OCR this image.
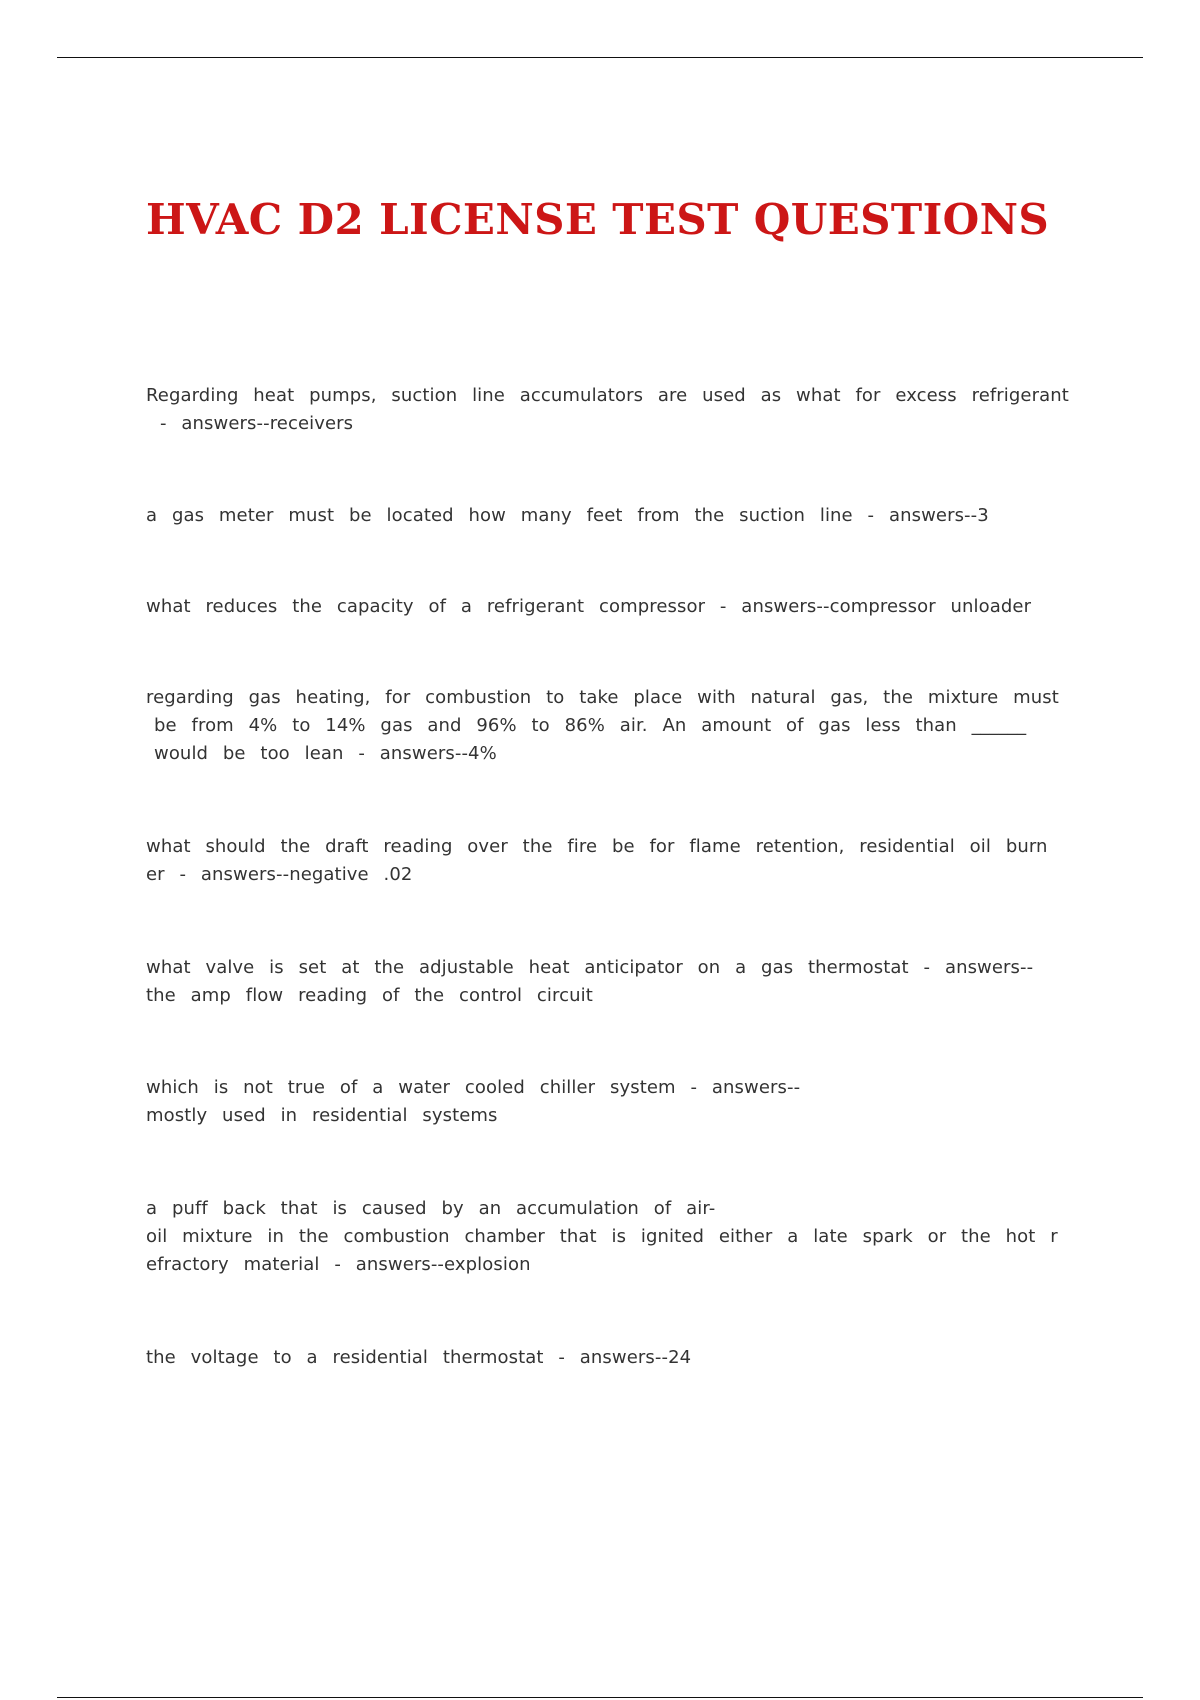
HVAC D2 LICENSE TEST QUESTIONS
Regarding heat pumps, suction line accumulators are used as what for excess refrigerant
- answers--receivers
a gas meter must be located how many feet from the suction line - answers--3
what reduces the capacity of a refrigerant compressor - answers--compressor unloader
regarding gas heating, for combustion to take place with natural gas, the mixture must
be from 4% to 14% gas and 96% to 86% air. An amount of gas less than ______
would be too lean - answers--4%
what should the draft reading over the fire be for flame retention, residential oil burn
er - answers--negative .02
what valve is set at the adjustable heat anticipator on a gas thermostat - answers--
the amp flow reading of the control circuit
which is not true of a water cooled chiller system - answers--
mostly used in residential systems
a puff back that is caused by an accumulation of air-
oil mixture in the combustion chamber that is ignited either a late spark or the hot r
efractory material - answers--explosion
the voltage to a residential thermostat - answers--24
